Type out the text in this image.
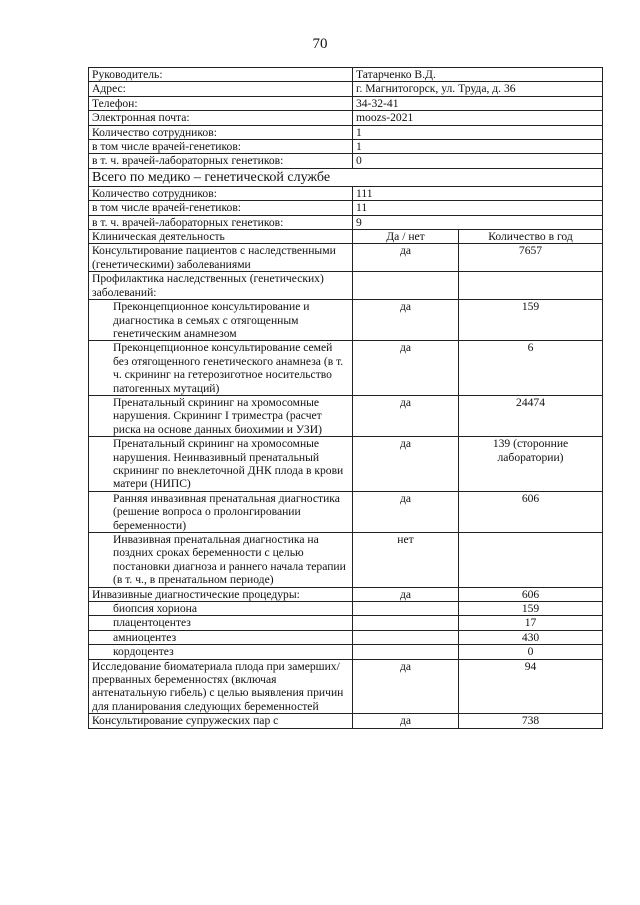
70
Руководитель:	Татарченко В.Д.	
Адрес:	г. Магнитогорск, ул. Труда, д. 36	
Телефон:	34-32-41	
Электронная почта:	moozs-2021	
Количество сотрудников:	1	
в том числе врачей-генетиков:	1	
в т. ч. врачей-лабораторных генетиков:	0	
Всего по медико – генетической службе		
Количество сотрудников:	111	
в том числе врачей-генетиков:	11	
в т. ч. врачей-лабораторных генетиков:	9	
Клиническая деятельность	Да / нет	Количество в год
Консультирование пациентов с наследственными (генетическими) заболеваниями	да	7657
Профилактика наследственных (генетических) заболеваний:		
Преконцепционное консультирование и диагностика в семьях с отягощенным генетическим анамнезом	да	159
Преконцепционное консультирование семей без отягощенного генетического анамнеза (в т. ч. скрининг на гетерозиготное носительство патогенных мутаций)	да	6
Пренатальный скрининг на хромосомные нарушения. Скрининг I триместра (расчет риска на основе данных биохимии и УЗИ)	да	24474
Пренатальный скрининг на хромосомные нарушения. Неинвазивный пренатальный скрининг по внеклеточной ДНК плода в крови матери (НИПС)	да	139 (сторонние лаборатории)
Ранняя инвазивная пренатальная диагностика (решение вопроса о пролонгировании беременности)	да	606
Инвазивная пренатальная диагностика на поздних сроках беременности с целью постановки диагноза и раннего начала терапии (в т. ч., в пренатальном периоде)	нет	
Инвазивные диагностические процедуры:	да	606
биопсия хориона		159
плацентоцентез		17
амниоцентез		430
кордоцентез		0
Исследование биоматериала плода при замерших/прерванных беременностях (включая антенатальную гибель) с целью выявления причин для планирования следующих беременностей	да	94
Консультирование супружеских пар с	да	738
